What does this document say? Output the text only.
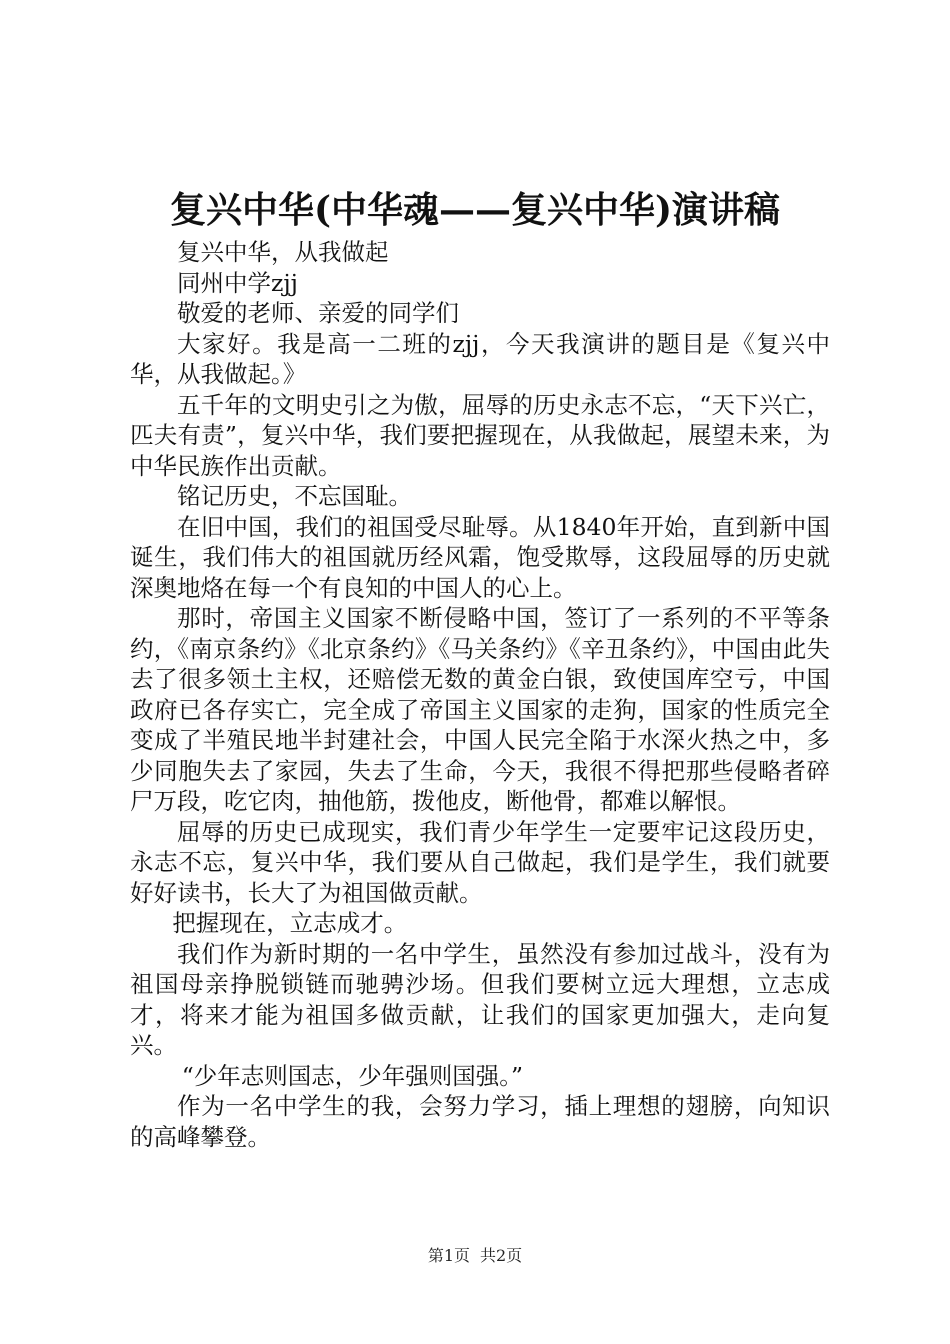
复兴中华(中华魂——复兴中华)演讲稿

复兴中华，从我做起

同州中学zjj

敬爱的老师、亲爱的同学们

大家好。我是高一二班的zjj，今天我演讲的题目是《复兴中华，从我做起。》

五千年的文明史引之为傲，屈辱的历史永志不忘，“天下兴亡，匹夫有责”，复兴中华，我们要把握现在，从我做起，展望未来，为中华民族作出贡献。

铭记历史，不忘国耻。

在旧中国，我们的祖国受尽耻辱。从1840年开始，直到新中国诞生，我们伟大的祖国就历经风霜，饱受欺辱，这段屈辱的历史就深奥地烙在每一个有良知的中国人的心上。

那时，帝国主义国家不断侵略中国，签订了一系列的不平等条约，《南京条约》《北京条约》《马关条约》《辛丑条约》，中国由此失去了很多领土主权，还赔偿无数的黄金白银，致使国库空亏，中国政府已各存实亡，完全成了帝国主义国家的走狗，国家的性质完全变成了半殖民地半封建社会，中国人民完全陷于水深火热之中，多少同胞失去了家园，失去了生命，今天，我很不得把那些侵略者碎尸万段，吃它肉，抽他筋，拨他皮，断他骨，都难以解恨。

屈辱的历史已成现实，我们青少年学生一定要牢记这段历史，永志不忘，复兴中华，我们要从自己做起，我们是学生，我们就要好好读书，长大了为祖国做贡献。

把握现在，立志成才。

我们作为新时期的一名中学生，虽然没有参加过战斗，没有为祖国母亲挣脱锁链而驰骋沙场。但我们要树立远大理想，立志成才，将来才能为祖国多做贡献，让我们的国家更加强大，走向复兴。

“少年志则国志，少年强则国强。”

作为一名中学生的我，会努力学习，插上理想的翅膀，向知识的高峰攀登。

第1页 共2页
